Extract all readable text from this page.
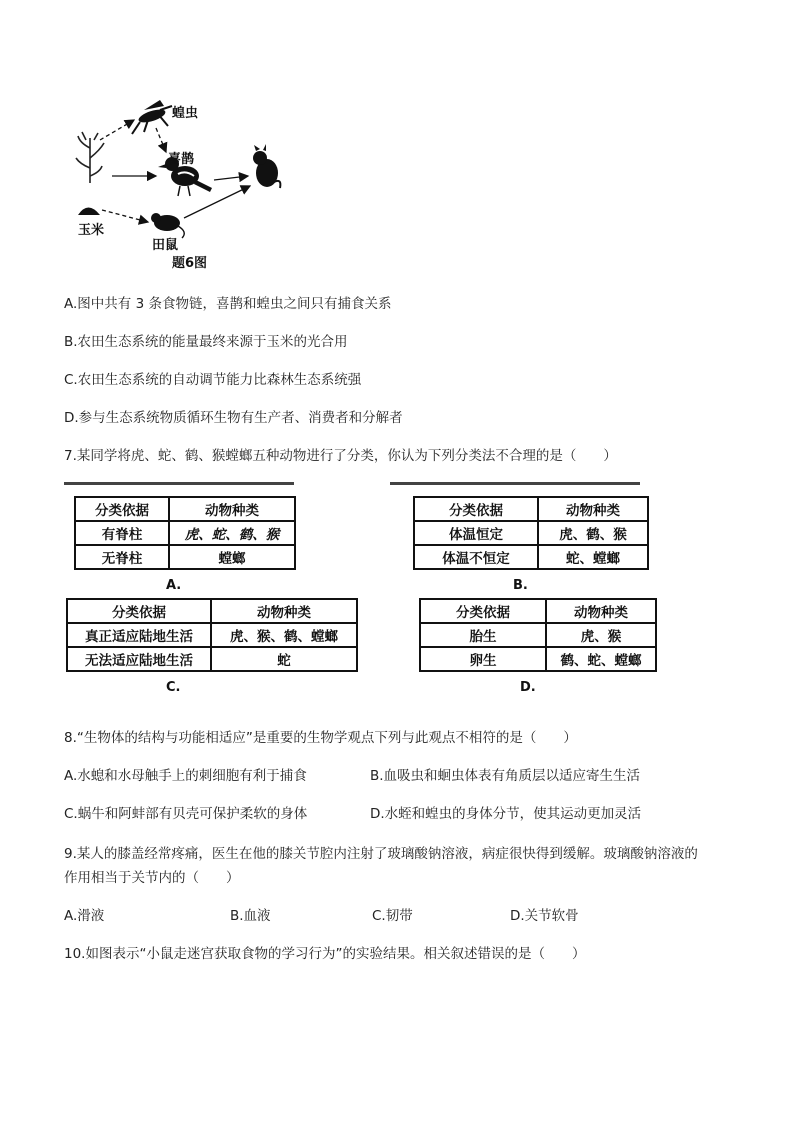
蝗虫
喜鹊
玉米
田鼠
题6图
A.图中共有 3 条食物链，喜鹊和蝗虫之间只有捕食关系
B.农田生态系统的能量最终来源于玉米的光合用
C.农田生态系统的自动调节能力比森林生态系统强
D.参与生态系统物质循环生物有生产者、消费者和分解者
7.某同学将虎、蛇、鹤、猴螳螂五种动物进行了分类，你认为下列分类法不合理的是（　　）
分类依据	动物种类
有脊柱	虎、蛇、鹤、猴
无脊柱	螳螂
A.
分类依据	动物种类
体温恒定	虎、鹤、猴
体温不恒定	蛇、螳螂
B.
分类依据	动物种类
真正适应陆地生活	虎、猴、鹤、螳螂
无法适应陆地生活	蛇
C.
分类依据	动物种类
胎生	虎、猴
卵生	鹤、蛇、螳螂
D.
8.“生物体的结构与功能相适应”是重要的生物学观点下列与此观点不相符的是（　　）
A.水螅和水母触手上的刺细胞有利于捕食	B.血吸虫和蛔虫体表有角质层以适应寄生生活
C.蜗牛和阿蚌部有贝壳可保护柔软的身体	D.水蛭和蝗虫的身体分节，使其运动更加灵活
9.某人的膝盖经常疼痛，医生在他的膝关节腔内注射了玻璃酸钠溶液，病症很快得到缓解。玻璃酸钠溶液的
作用相当于关节内的（　　）
A.滑液	B.血液	C.韧带	D.关节软骨
10.如图表示“小鼠走迷宫获取食物的学习行为”的实验结果。相关叙述错误的是（　　）
